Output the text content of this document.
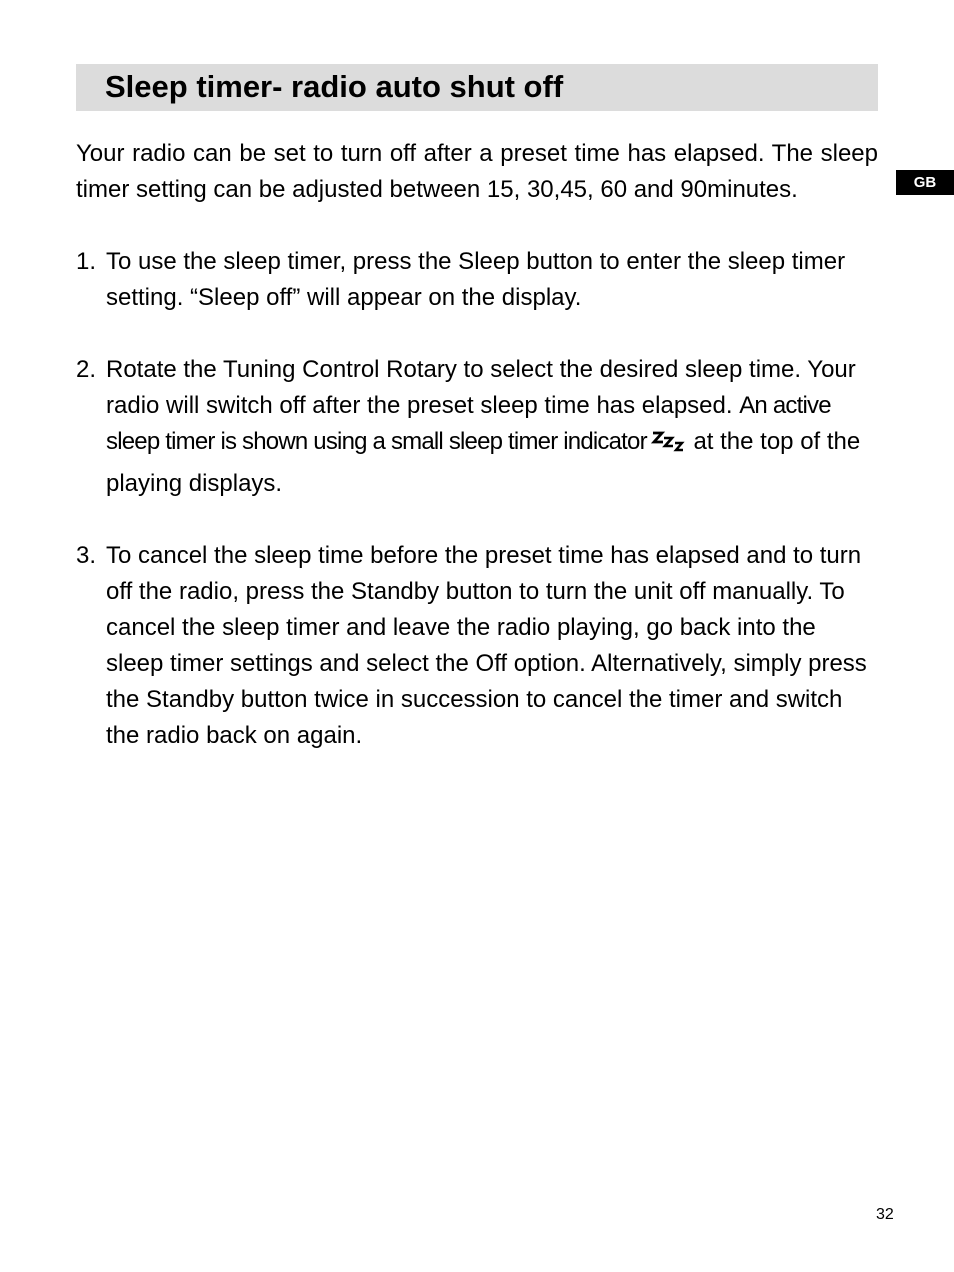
Sleep timer- radio auto shut off
GB

Your radio can be set to turn off after a preset time has elapsed. The sleep timer setting can be adjusted between 15, 30,45, 60 and 90minutes.

1. To use the sleep timer, press the Sleep button to enter the sleep timer setting. “Sleep off” will appear on the display.
2. Rotate the Tuning Control Rotary to select the desired sleep time. Your radio will switch off after the preset sleep time has elapsed. An active sleep timer is shown using a small sleep timer indicator at the top of the playing displays.
3. To cancel the sleep time before the preset time has elapsed and to turn off the radio, press the Standby button to turn the unit off manually. To cancel the sleep timer and leave the radio playing, go back into the sleep timer settings and select the Off option. Alternatively, simply press the Standby button twice in succession to cancel the timer and switch the radio back on again.
32
